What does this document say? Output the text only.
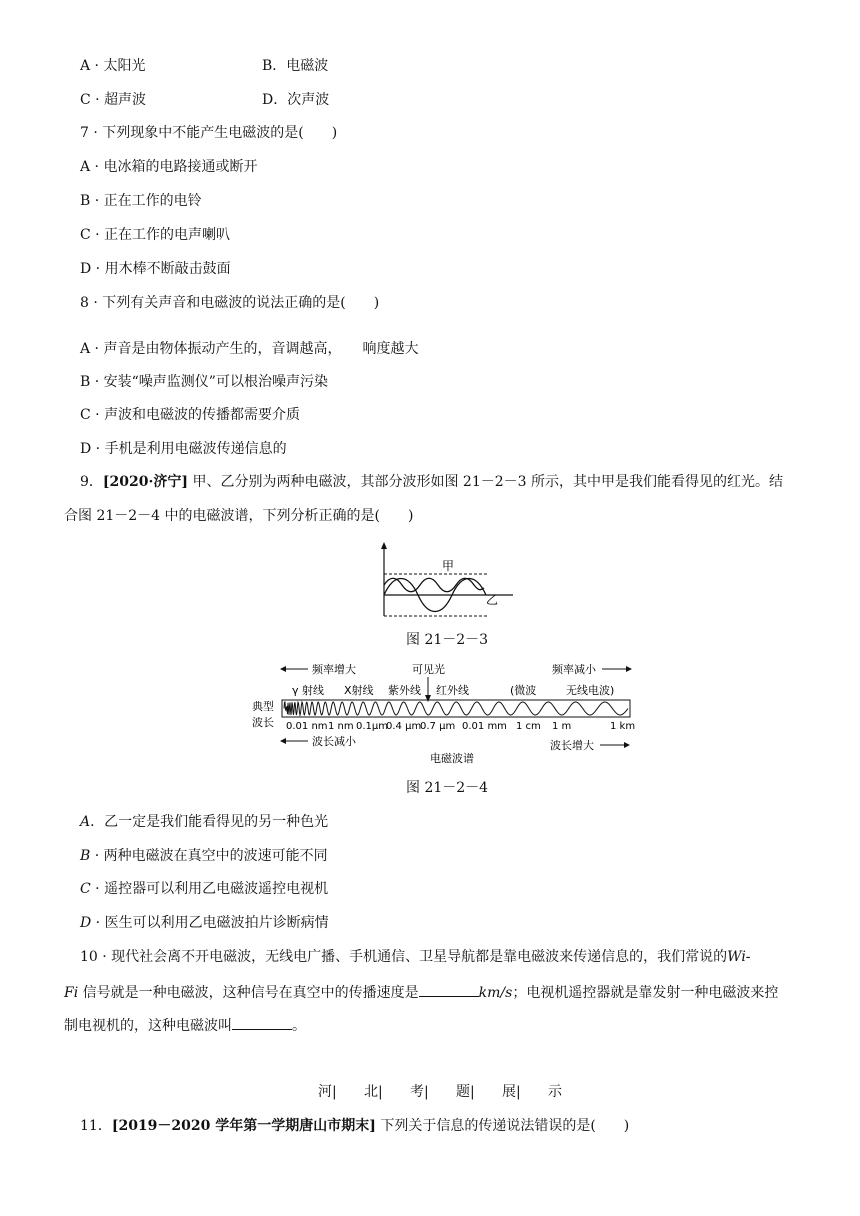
A · 太阳光	B．电磁波
C · 超声波	D．次声波
7 · 下列现象中不能产生电磁波的是(　　)
A · 电冰箱的电路接通或断开
B · 正在工作的电铃
C · 正在工作的电声喇叭
D · 用木棒不断敲击鼓面
8 · 下列有关声音和电磁波的说法正确的是(　　)
A · 声音是由物体振动产生的，音调越高，　　响度越大
B · 安装“噪声监测仪”可以根治噪声污染
C · 声波和电磁波的传播都需要介质
D · 手机是利用电磁波传递信息的
9．[2020·济宁] 甲、乙分别为两种电磁波，其部分波形如图 21－2－3 所示，其中甲是我们能看得见的红光。结
合图 21－2－4 中的电磁波谱，下列分析正确的是(　　)
甲
乙
图 21－2－3
频率增大	可见光	频率减小
γ 射线 X射线 紫外线 红外线	(微波	无线电波)
典型
波长 0.01 nm 1 nm 0.1μm
0.4 μm
0.7 μm 0.01 mm 1 cm 1 m	1 km
波长减小	波长增大
电磁波谱
图 21－2－4
A．乙一定是我们能看得见的另一种色光
B · 两种电磁波在真空中的波速可能不同
C · 遥控器可以利用乙电磁波遥控电视机
D · 医生可以利用乙电磁波拍片诊断病情
10 · 现代社会离不开电磁波，无线电广播、手机通信、卫星导航都是靠电磁波来传递信息的，我们常说的Wi-
Fi 信号就是一种电磁波，这种信号在真空中的传播速度是	km/s；电视机遥控器就是靠发射一种电磁波来控
制电视机的，这种电磁波叫	。
河| 北| 考| 题| 展| 示
11．[2019－2020 学年第一学期唐山市期末] 下列关于信息的传递说法错误的是(　　)
